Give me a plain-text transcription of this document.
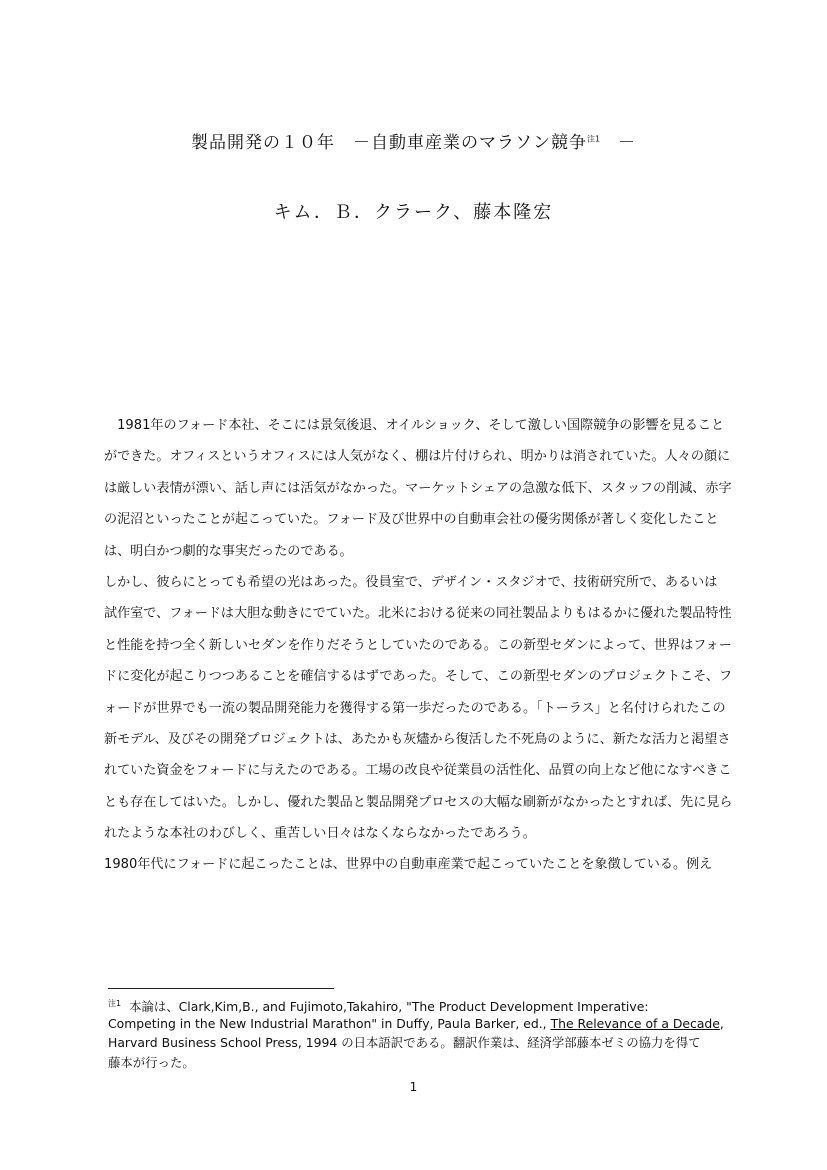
製品開発の１０年　－自動車産業のマラソン競争$^{注1}$　－
キム．Ｂ．クラーク、藤本隆宏
　1981年のフォード本社、そこには景気後退、オイルショック、そして激しい国際競争の影響を見ること
ができた。オフィスというオフィスには人気がなく、棚は片付けられ、明かりは消されていた。人々の顔に
は厳しい表情が漂い、話し声には活気がなかった。マーケットシェアの急激な低下、スタッフの削減、赤字
の泥沼といったことが起こっていた。フォード及び世界中の自動車会社の優劣関係が著しく変化したこと
は、明白かつ劇的な事実だったのである。
しかし、彼らにとっても希望の光はあった。役員室で、デザイン・スタジオで、技術研究所で、あるいは
試作室で、フォードは大胆な動きにでていた。北米における従来の同社製品よりもはるかに優れた製品特性
と性能を持つ全く新しいセダンを作りだそうとしていたのである。この新型セダンによって、世界はフォー
ドに変化が起こりつつあることを確信するはずであった。そして、この新型セダンのプロジェクトこそ、フ
ォードが世界でも一流の製品開発能力を獲得する第一歩だったのである。「トーラス」と名付けられたこの
新モデル、及びその開発プロジェクトは、あたかも灰燼から復活した不死鳥のように、新たな活力と渇望さ
れていた資金をフォードに与えたのである。工場の改良や従業員の活性化、品質の向上など他になすべきこ
とも存在してはいた。しかし、優れた製品と製品開発プロセスの大幅な刷新がなかったとすれば、先に見ら
れたような本社のわびしく、重苦しい日々はなくならなかったであろう。
1980年代にフォードに起こったことは、世界中の自動車産業で起こっていたことを象徴している。例え
$^{注1}$ 本論は、Clark,Kim,B., and Fujimoto,Takahiro, "The Product Development Imperative:
Competing in the New Industrial Marathon" in Duffy, Paula Barker, ed., The Relevance of a Decade,
Harvard Business School Press, 1994 の日本語訳である。翻訳作業は、経済学部藤本ゼミの協力を得て
藤本が行った。
1
